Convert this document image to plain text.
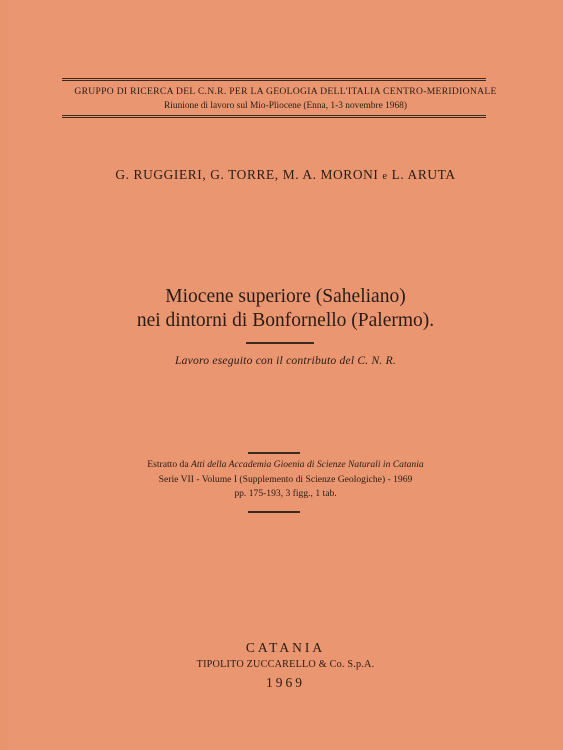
GRUPPO DI RICERCA DEL C.N.R. PER LA GEOLOGIA DELL'ITALIA CENTRO-MERIDIONALE
Riunione di lavoro sul Mio-Pliocene (Enna, 1-3 novembre 1968)
G. RUGGIERI, G. TORRE, M. A. MORONI e L. ARUTA
Miocene superiore (Saheliano)
nei dintorni di Bonfornello (Palermo).
Lavoro eseguito con il contributo del C. N. R.
Estratto da Atti della Accademia Gioenia di Scienze Naturali in Catania
Serie VII - Volume I (Supplemento di Scienze Geologiche) - 1969
pp. 175-193, 3 figg., 1 tab.
CATANIA
TIPOLITO ZUCCARELLO & Co. S.p.A.
1969
